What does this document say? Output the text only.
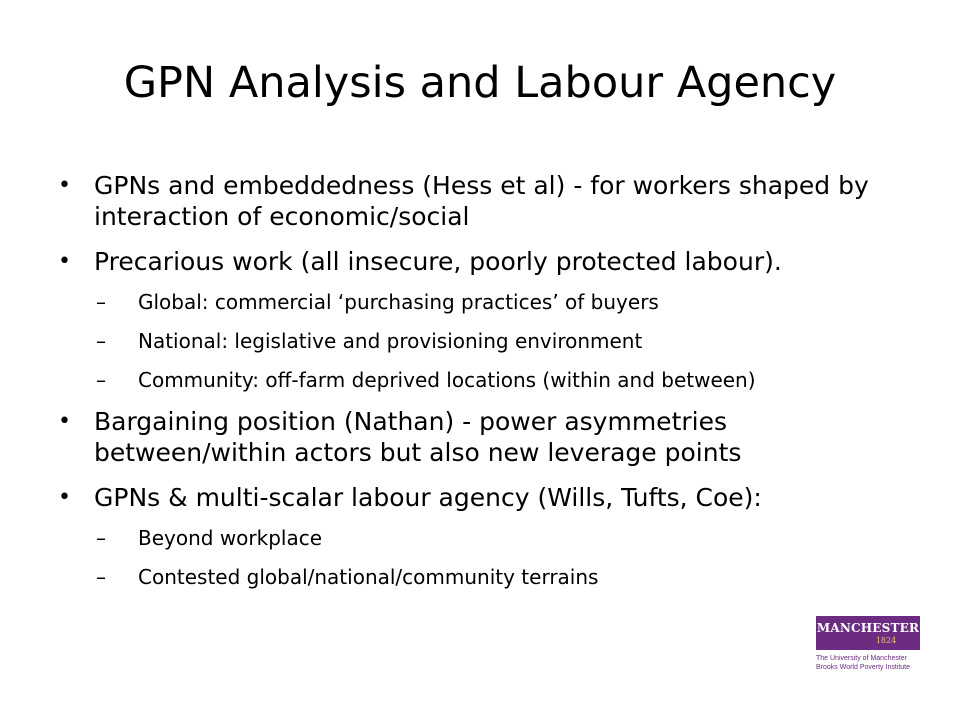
GPN Analysis and Labour Agency
• GPNs and embeddedness (Hess et al) - for workers shaped by interaction of economic/social
• Precarious work (all insecure, poorly protected labour).
– Global: commercial ‘purchasing practices’ of buyers
– National: legislative and provisioning environment
– Community: off-farm deprived locations (within and between)
• Bargaining position (Nathan) - power asymmetries between/within actors but also new leverage points
• GPNs & multi-scalar labour agency (Wills, Tufts, Coe):
– Beyond workplace
– Contested global/national/community terrains
MANCHESTER
1824
The University of Manchester
Brooks World Poverty Institute
